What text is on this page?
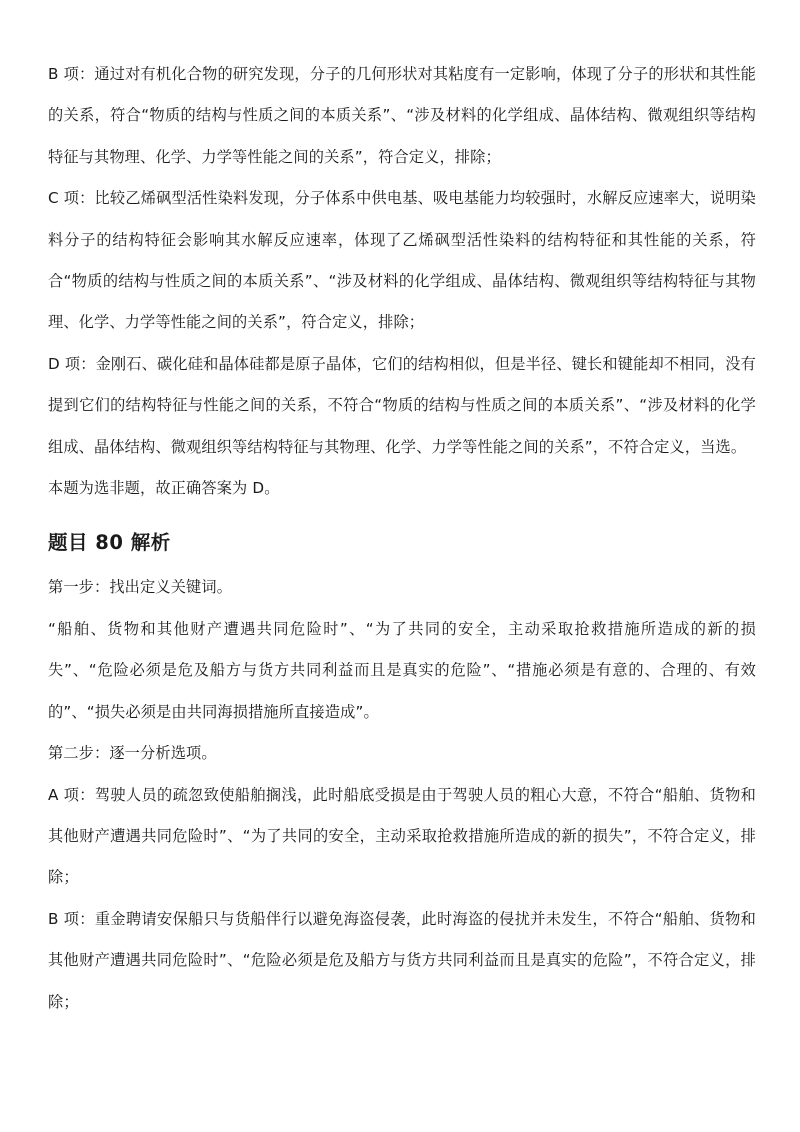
B 项：通过对有机化合物的研究发现，分子的几何形状对其粘度有一定影响，体现了分子的形状和其性能的关系，符合“物质的结构与性质之间的本质关系”、“涉及材料的化学组成、晶体结构、微观组织等结构特征与其物理、化学、力学等性能之间的关系”，符合定义，排除；

C 项：比较乙烯砜型活性染料发现，分子体系中供电基、吸电基能力均较强时，水解反应速率大，说明染料分子的结构特征会影响其水解反应速率，体现了乙烯砜型活性染料的结构特征和其性能的关系，符合“物质的结构与性质之间的本质关系”、“涉及材料的化学组成、晶体结构、微观组织等结构特征与其物理、化学、力学等性能之间的关系”，符合定义，排除；

D 项：金刚石、碳化硅和晶体硅都是原子晶体，它们的结构相似，但是半径、键长和键能却不相同，没有提到它们的结构特征与性能之间的关系，不符合“物质的结构与性质之间的本质关系”、“涉及材料的化学组成、晶体结构、微观组织等结构特征与其物理、化学、力学等性能之间的关系”，不符合定义，当选。

本题为选非题，故正确答案为 D。

题目 80 解析

第一步：找出定义关键词。

“船舶、货物和其他财产遭遇共同危险时”、“为了共同的安全，主动采取抢救措施所造成的新的损失”、“危险必须是危及船方与货方共同利益而且是真实的危险”、“措施必须是有意的、合理的、有效的”、“损失必须是由共同海损措施所直接造成”。

第二步：逐一分析选项。

A 项：驾驶人员的疏忽致使船舶搁浅，此时船底受损是由于驾驶人员的粗心大意，不符合“船舶、货物和其他财产遭遇共同危险时”、“为了共同的安全，主动采取抢救措施所造成的新的损失”，不符合定义，排除；

B 项：重金聘请安保船只与货船伴行以避免海盗侵袭，此时海盗的侵扰并未发生，不符合“船舶、货物和其他财产遭遇共同危险时”、“危险必须是危及船方与货方共同利益而且是真实的危险”，不符合定义，排除；
